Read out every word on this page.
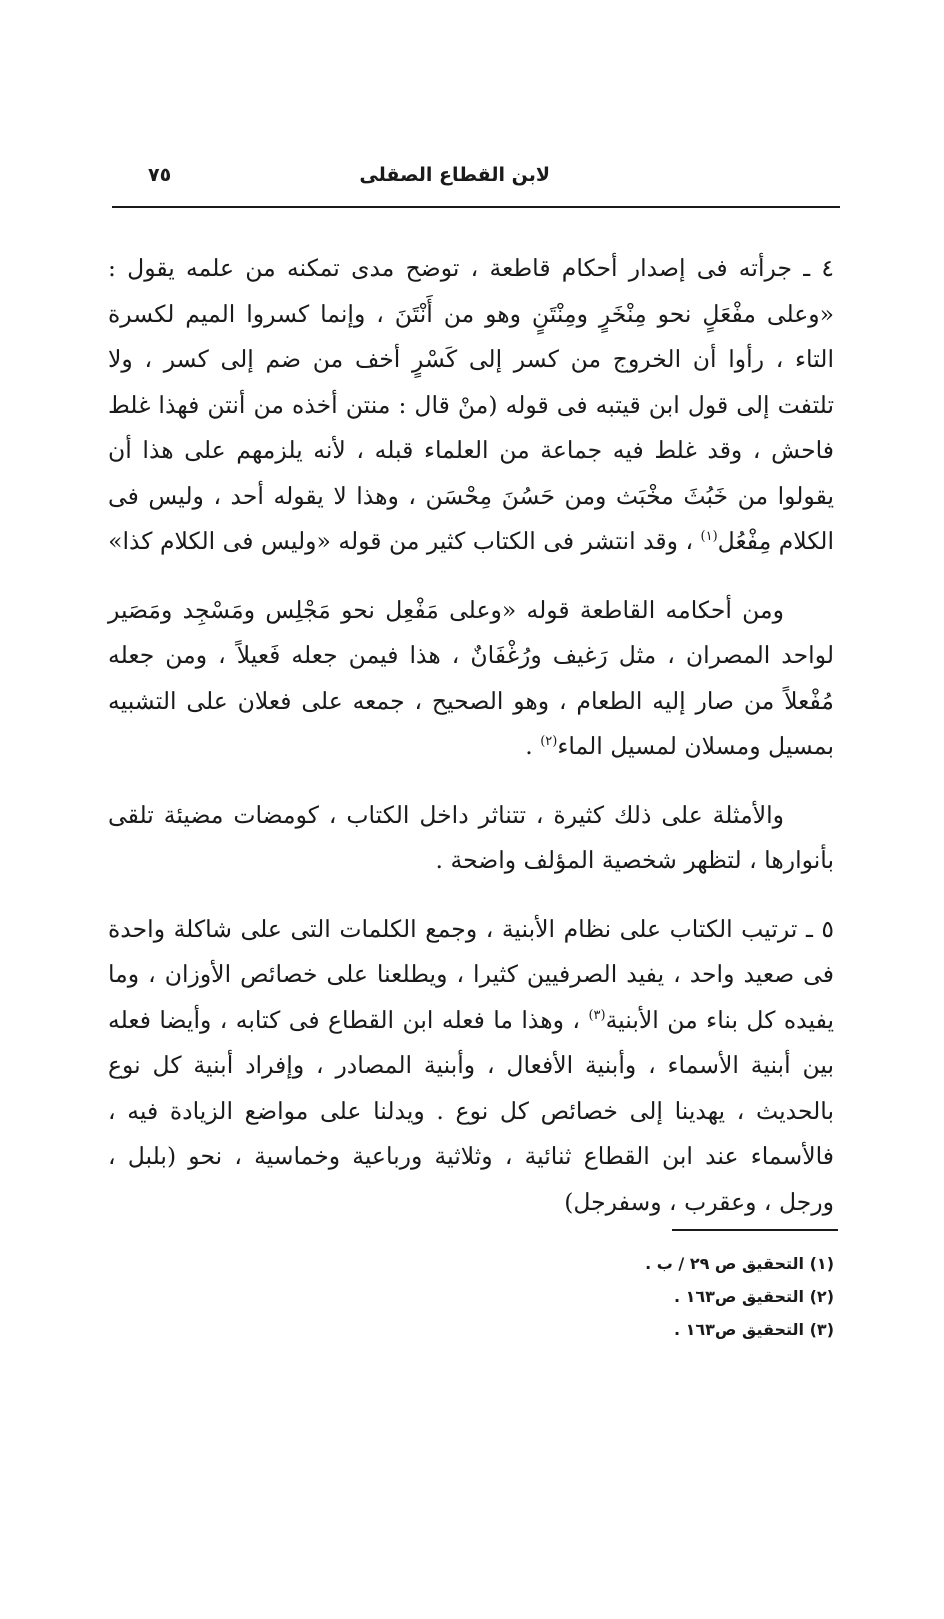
لابن القطاع الصقلى
٧٥

٤ ـ جرأته فى إصدار أحكام قاطعة ، توضح مدى تمكنه من علمه يقول : «وعلى مفْعَلٍ نحو مِنْخَرٍ ومِنْتَنٍ وهو من أَنْتَنَ ، وإنما كسروا الميم لكسرة التاء ، رأوا أن الخروج من كسر إلى كَسْرٍ أخف من ضم إلى كسر ، ولا تلتفت إلى قول ابن قيتبه فى قوله (منْ قال : منتن أخذه من أنتن فهذا غلط فاحش ، وقد غلط فيه جماعة من العلماء قبله ، لأنه يلزمهم على هذا أن يقولوا من خَبُثَ مخْبَث ومن حَسُنَ مِحْسَن ، وهذا لا يقوله أحد ، وليس فى الكلام مِفْعُل$^{(١)}$ ، وقد انتشر فى الكتاب كثير من قوله «وليس فى الكلام كذا»

ومن أحكامه القاطعة قوله «وعلى مَفْعِل نحو مَجْلِس ومَسْجِد ومَصَير لواحد المصران ، مثل رَغيف ورُغْفَانٌ ، هذا فيمن جعله فَعيلاً ، ومن جعله مُفْعلاً من صار إليه الطعام ، وهو الصحيح ، جمعه على فعلان على التشبيه بمسيل ومسلان لمسيل الماء$^{(٢)}$ .

والأمثلة على ذلك كثيرة ، تتناثر داخل الكتاب ، كومضات مضيئة تلقى بأنوارها ، لتظهر شخصية المؤلف واضحة .

٥ ـ ترتيب الكتاب على نظام الأبنية ، وجمع الكلمات التى على شاكلة واحدة فى صعيد واحد ، يفيد الصرفيين كثيرا ، ويطلعنا على خصائص الأوزان ، وما يفيده كل بناء من الأبنية$^{(٣)}$ ، وهذا ما فعله ابن القطاع فى كتابه ، وأيضا فعله بين أبنية الأسماء ، وأبنية الأفعال ، وأبنية المصادر ، وإفراد أبنية كل نوع بالحديث ، يهدينا إلى خصائص كل نوع . ويدلنا على مواضع الزيادة فيه ، فالأسماء عند ابن القطاع ثنائية ، وثلاثية ورباعية وخماسية ، نحو (بلبل ، ورجل ، وعقرب ، وسفرجل)

(١) التحقيق ص ٢٩ / ب .
(٢) التحقيق ص١٦٣ .
(٣) التحقيق ص١٦٣ .
